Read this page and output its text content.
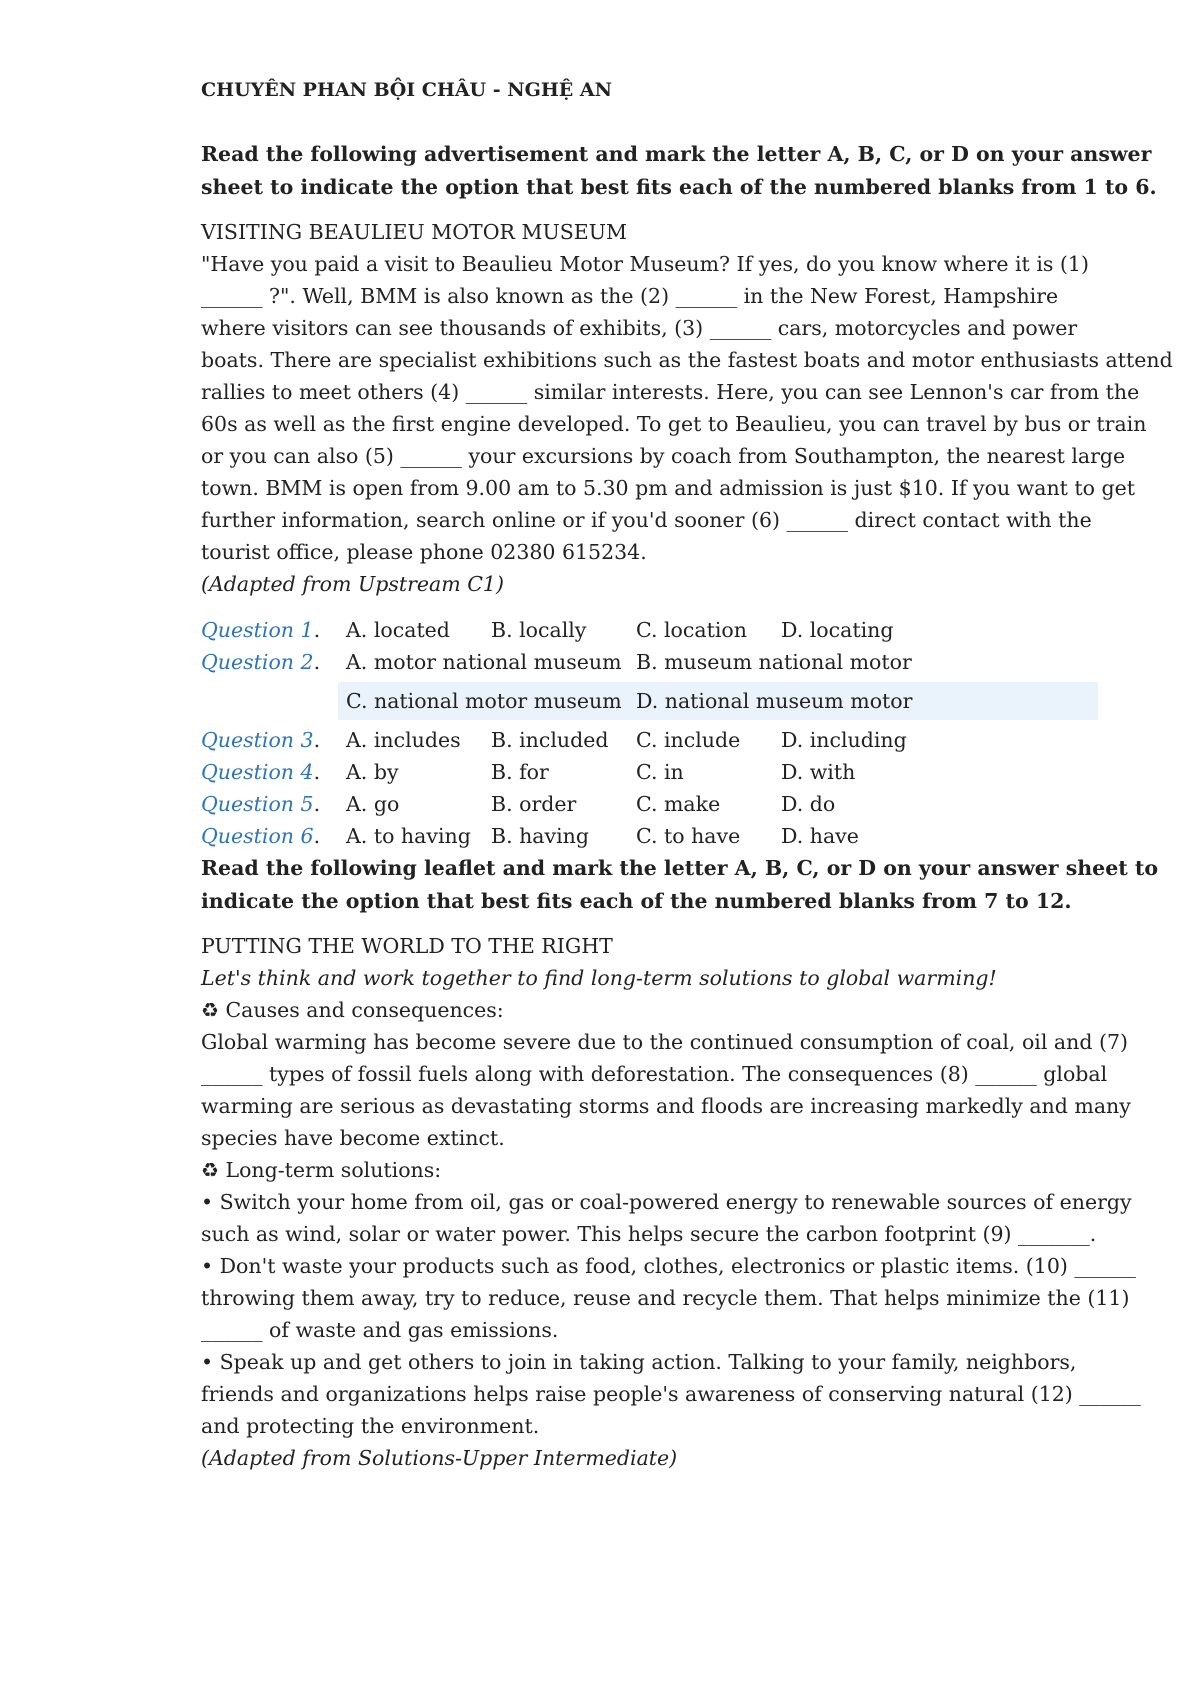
CHUYÊN PHAN BỘI CHÂU - NGHỆ AN

Read the following advertisement and mark the letter A, B, C, or D on your answer

sheet to indicate the option that best fits each of the numbered blanks from 1 to 6.

VISITING BEAULIEU MOTOR MUSEUM

"Have you paid a visit to Beaulieu Motor Museum? If yes, do you know where it is (1)

______ ?". Well, BMM is also known as the (2) ______ in the New Forest, Hampshire

where visitors can see thousands of exhibits, (3) ______ cars, motorcycles and power

boats. There are specialist exhibitions such as the fastest boats and motor enthusiasts attend

rallies to meet others (4) ______ similar interests. Here, you can see Lennon's car from the

60s as well as the first engine developed. To get to Beaulieu, you can travel by bus or train

or you can also (5) ______ your excursions by coach from Southampton, the nearest large

town. BMM is open from 9.00 am to 5.30 pm and admission is just $10. If you want to get

further information, search online or if you'd sooner (6) ______ direct contact with the

tourist office, please phone 02380 615234.

(Adapted from Upstream C1)

Question 1. A. located B. locally C. location D. locating
Question 2. A. motor national museum B. museum national motor
C. national motor museum D. national museum motor
Question 3. A. includes B. included C. include D. including
Question 4. A. by	B. for	C. in	D. with
Question 5. A. go	B. order	C. make	D. do
Question 6. A. to having B. having C. to have D. have

Read the following leaflet and mark the letter A, B, C, or D on your answer sheet to

indicate the option that best fits each of the numbered blanks from 7 to 12.

PUTTING THE WORLD TO THE RIGHT

Let's think and work together to find long-term solutions to global warming!

♻ Causes and consequences:

Global warming has become severe due to the continued consumption of coal, oil and (7)

______ types of fossil fuels along with deforestation. The consequences (8) ______ global

warming are serious as devastating storms and floods are increasing markedly and many

species have become extinct.

♻ Long-term solutions:

• Switch your home from oil, gas or coal-powered energy to renewable sources of energy

such as wind, solar or water power. This helps secure the carbon footprint (9) _______.

• Don't waste your products such as food, clothes, electronics or plastic items. (10) ______

throwing them away, try to reduce, reuse and recycle them. That helps minimize the (11)

______ of waste and gas emissions.

• Speak up and get others to join in taking action. Talking to your family, neighbors,

friends and organizations helps raise people's awareness of conserving natural (12) ______

and protecting the environment.

(Adapted from Solutions-Upper Intermediate)
